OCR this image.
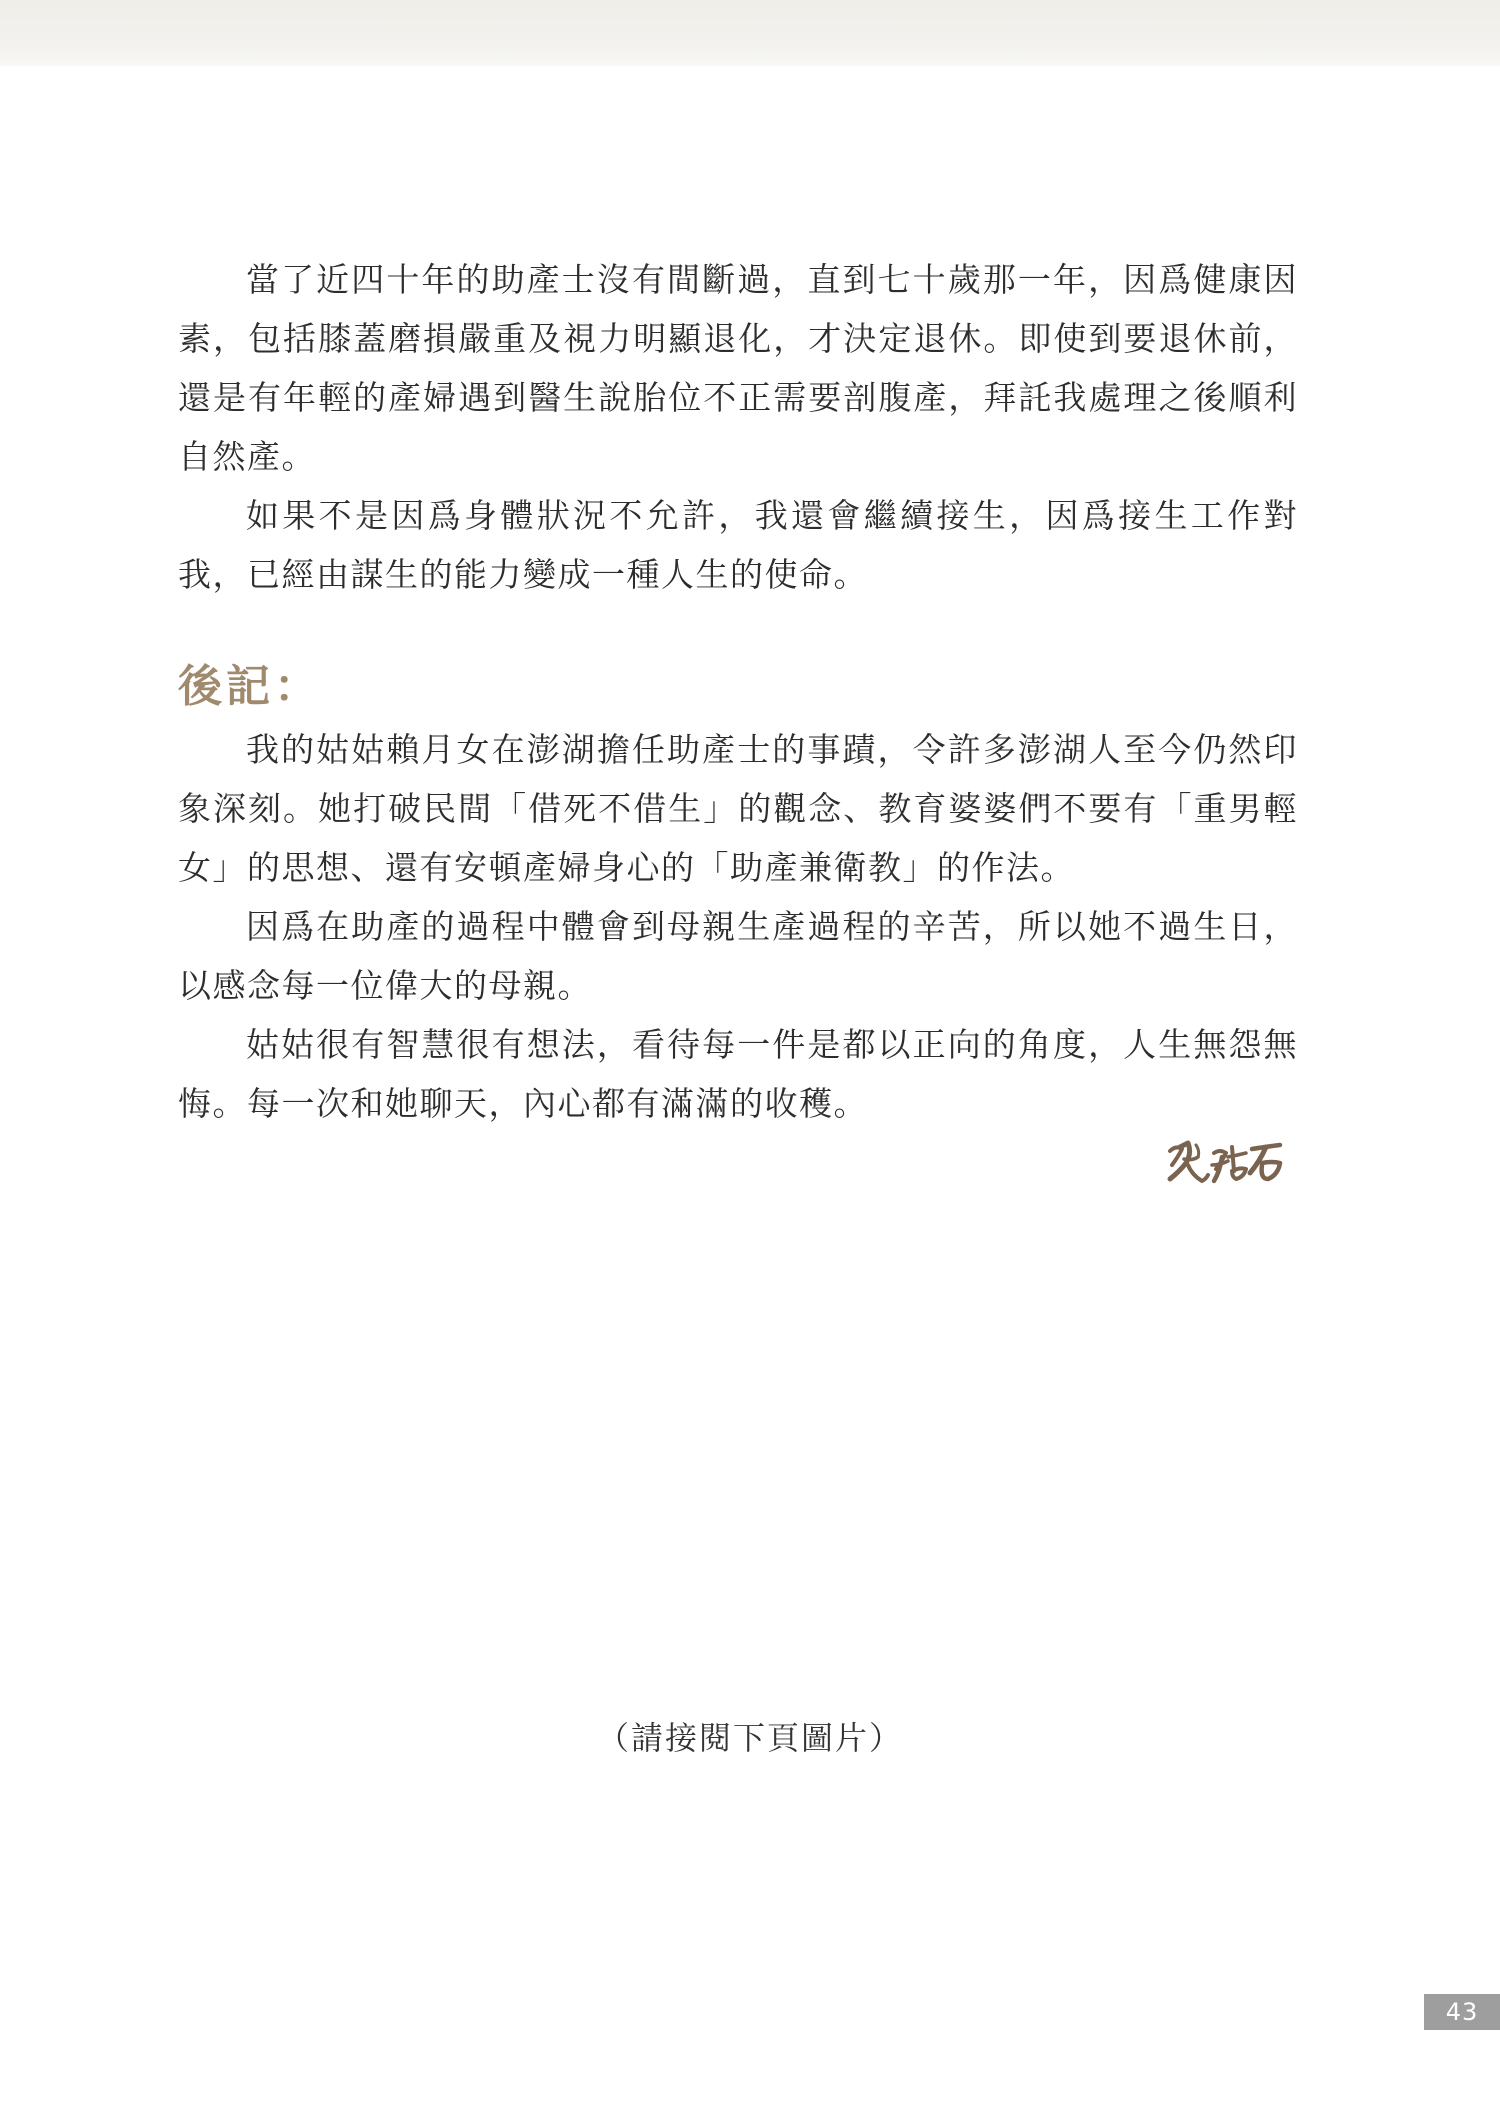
當了近四十年的助產士沒有間斷過，直到七十歲那一年，因爲健康因素，包括膝蓋磨損嚴重及視力明顯退化，才決定退休。即使到要退休前，還是有年輕的產婦遇到醫生說胎位不正需要剖腹產，拜託我處理之後順利自然產。

如果不是因爲身體狀況不允許，我還會繼續接生，因爲接生工作對我，已經由謀生的能力變成一種人生的使命。

後記：

我的姑姑賴月女在澎湖擔任助產士的事蹟，令許多澎湖人至今仍然印象深刻。她打破民間「借死不借生」的觀念、教育婆婆們不要有「重男輕女」的思想、還有安頓產婦身心的「助產兼衛教」的作法。

因爲在助產的過程中體會到母親生產過程的辛苦，所以她不過生日，以感念每一位偉大的母親。

姑姑很有智慧很有想法，看待每一件是都以正向的角度，人生無怨無悔。每一次和她聊天，內心都有滿滿的收穫。

（請接閱下頁圖片）

43
